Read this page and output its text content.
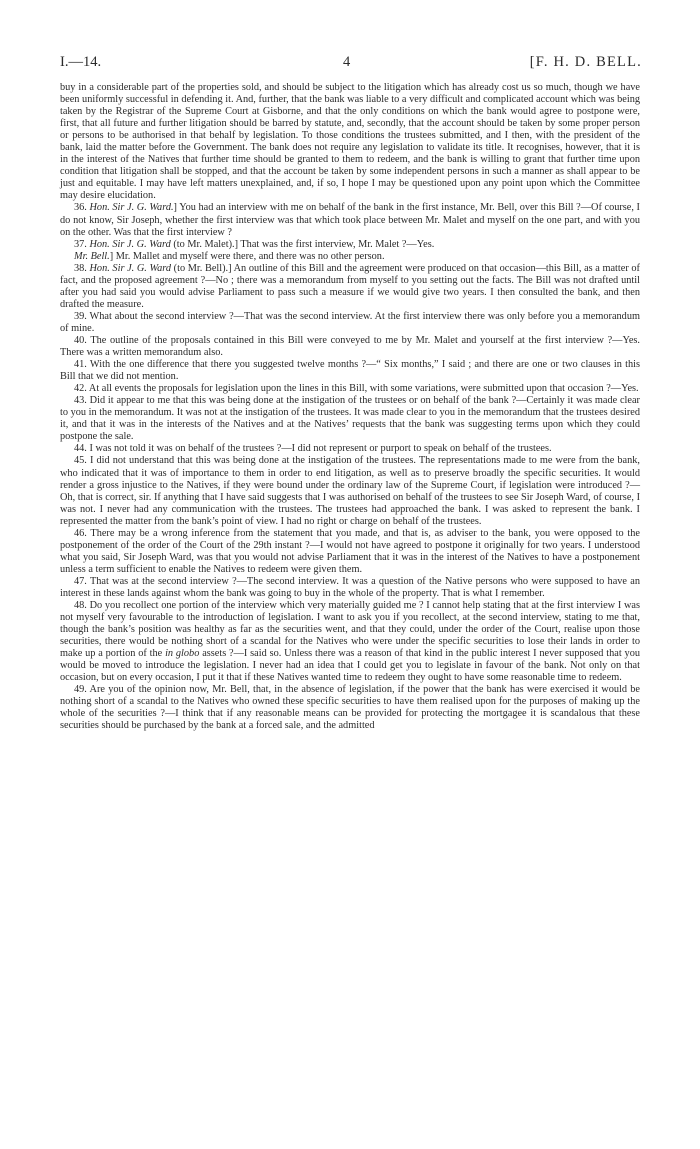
I.—14.	4	[F. H. D. BELL.

buy in a considerable part of the properties sold, and should be subject to the litigation which has already cost us so much, though we have been uniformly successful in defending it. And, further, that the bank was liable to a very difficult and complicated account which was being taken by the Registrar of the Supreme Court at Gisborne, and that the only conditions on which the bank would agree to postpone were, first, that all future and further litigation should be barred by statute, and, secondly, that the account should be taken by some proper person or persons to be authorised in that behalf by legislation. To those conditions the trustees submitted, and I then, with the president of the bank, laid the matter before the Government. The bank does not require any legislation to validate its title. It recognises, however, that it is in the interest of the Natives that further time should be granted to them to redeem, and the bank is willing to grant that further time upon condition that litigation shall be stopped, and that the account be taken by some independent persons in such a manner as shall appear to be just and equitable. I may have left matters unexplained, and, if so, I hope I may be questioned upon any point upon which the Committee may desire elucidation.

36. Hon. Sir J. G. Ward.] You had an interview with me on behalf of the bank in the first instance, Mr. Bell, over this Bill ?—Of course, I do not know, Sir Joseph, whether the first interview was that which took place between Mr. Malet and myself on the one part, and with you on the other. Was that the first interview ?

37. Hon. Sir J. G. Ward (to Mr. Malet).] That was the first interview, Mr. Malet ?—Yes.

Mr. Bell.] Mr. Mallet and myself were there, and there was no other person.

38. Hon. Sir J. G. Ward (to Mr. Bell).] An outline of this Bill and the agreement were produced on that occasion—this Bill, as a matter of fact, and the proposed agreement ?—No ; there was a memorandum from myself to you setting out the facts. The Bill was not drafted until after you had said you would advise Parliament to pass such a measure if we would give two years. I then consulted the bank, and then drafted the measure.

39. What about the second interview ?—That was the second interview. At the first interview there was only before you a memorandum of mine.

40. The outline of the proposals contained in this Bill were conveyed to me by Mr. Malet and yourself at the first interview ?—Yes. There was a written memorandum also.

41. With the one difference that there you suggested twelve months ?—“ Six months,” I said ; and there are one or two clauses in this Bill that we did not mention.

42. At all events the proposals for legislation upon the lines in this Bill, with some variations, were submitted upon that occasion ?—Yes.

43. Did it appear to me that this was being done at the instigation of the trustees or on behalf of the bank ?—Certainly it was made clear to you in the memorandum. It was not at the instigation of the trustees. It was made clear to you in the memorandum that the trustees desired it, and that it was in the interests of the Natives and at the Natives’ requests that the bank was suggesting terms upon which they could postpone the sale.

44. I was not told it was on behalf of the trustees ?—I did not represent or purport to speak on behalf of the trustees.

45. I did not understand that this was being done at the instigation of the trustees. The representations made to me were from the bank, who indicated that it was of importance to them in order to end litigation, as well as to preserve broadly the specific securities. It would render a gross injustice to the Natives, if they were bound under the ordinary law of the Supreme Court, if legislation were introduced ?—Oh, that is correct, sir. If anything that I have said suggests that I was authorised on behalf of the trustees to see Sir Joseph Ward, of course, I was not. I never had any communication with the trustees. The trustees had approached the bank. I was asked to represent the bank. I represented the matter from the bank’s point of view. I had no right or charge on behalf of the trustees.

46. There may be a wrong inference from the statement that you made, and that is, as adviser to the bank, you were opposed to the postponement of the order of the Court of the 29th instant ?—I would not have agreed to postpone it originally for two years. I understood what you said, Sir Joseph Ward, was that you would not advise Parliament that it was in the interest of the Natives to have a postponement unless a term sufficient to enable the Natives to redeem were given them.

47. That was at the second interview ?—The second interview. It was a question of the Native persons who were supposed to have an interest in these lands against whom the bank was going to buy in the whole of the property. That is what I remember.

48. Do you recollect one portion of the interview which very materially guided me ? I cannot help stating that at the first interview I was not myself very favourable to the introduction of legislation. I want to ask you if you recollect, at the second interview, stating to me that, though the bank’s position was healthy as far as the securities went, and that they could, under the order of the Court, realise upon those securities, there would be nothing short of a scandal for the Natives who were under the specific securities to lose their lands in order to make up a portion of the in globo assets ?—I said so. Unless there was a reason of that kind in the public interest I never supposed that you would be moved to introduce the legislation. I never had an idea that I could get you to legislate in favour of the bank. Not only on that occasion, but on every occasion, I put it that if these Natives wanted time to redeem they ought to have some reasonable time to redeem.

49. Are you of the opinion now, Mr. Bell, that, in the absence of legislation, if the power that the bank has were exercised it would be nothing short of a scandal to the Natives who owned these specific securities to have them realised upon for the purposes of making up the whole of the securities ?—I think that if any reasonable means can be provided for protecting the mortgagee it is scandalous that these securities should be purchased by the bank at a forced sale, and the admitted
